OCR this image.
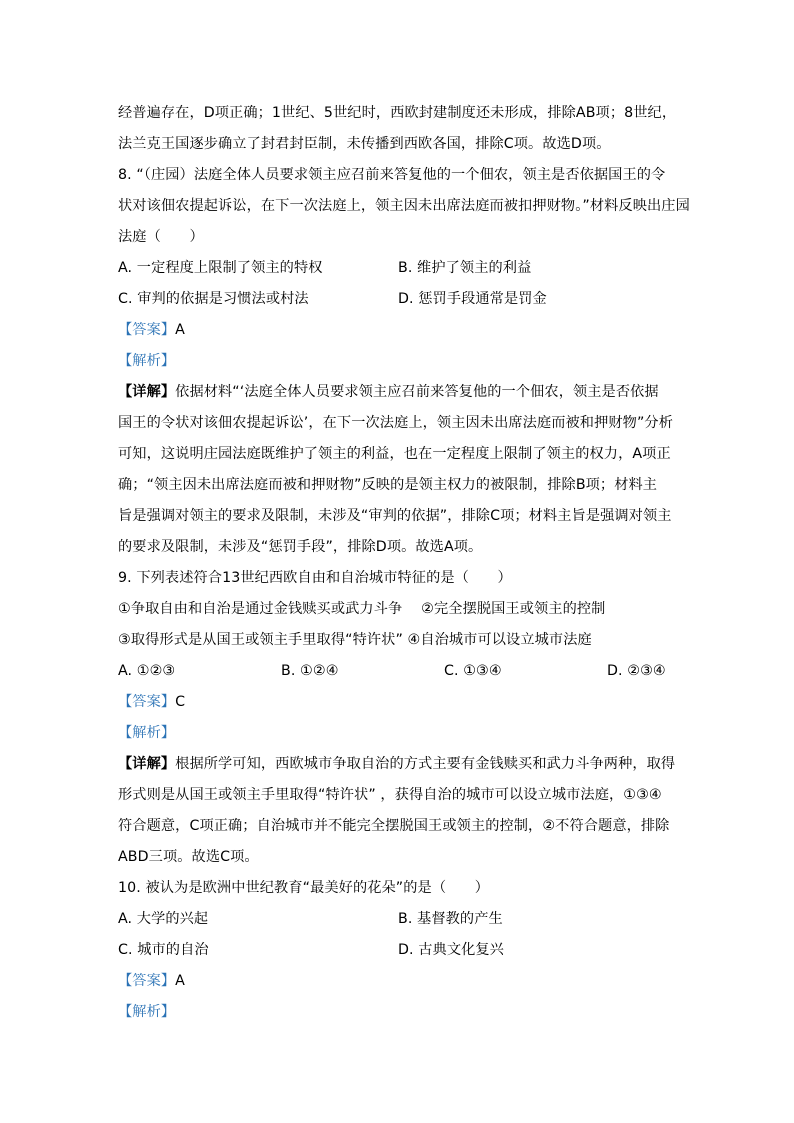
经普遍存在，D项正确；1世纪、5世纪时，西欧封建制度还未形成，排除AB项；8世纪，
法兰克王国逐步确立了封君封臣制，未传播到西欧各国，排除C项。故选D项。
8. “（庄园）法庭全体人员要求领主应召前来答复他的一个佃农，领主是否依据国王的令
状对该佃农提起诉讼，在下一次法庭上，领主因未出席法庭而被扣押财物。”材料反映出庄园
法庭（　　）
A. 一定程度上限制了领主的特权	B. 维护了领主的利益
C. 审判的依据是习惯法或村法	D. 惩罚手段通常是罚金
【答案】A
【解析】
【详解】依据材料“‘法庭全体人员要求领主应召前来答复他的一个佃农，领主是否依据
国王的令状对该佃农提起诉讼’，在下一次法庭上，领主因未出席法庭而被和押财物”分析
可知，这说明庄园法庭既维护了领主的利益，也在一定程度上限制了领主的权力，A项正
确；“领主因未出席法庭而被和押财物”反映的是领主权力的被限制，排除B项；材料主
旨是强调对领主的要求及限制，未涉及“审判的依据”，排除C项；材料主旨是强调对领主
的要求及限制，未涉及“惩罚手段”，排除D项。故选A项。
9. 下列表述符合13世纪西欧自由和自治城市特征的是（　　）
①争取自由和自治是通过金钱赎买或武力斗争　 ②完全摆脱国王或领主的控制
③取得形式是从国王或领主手里取得“特许状” ④自治城市可以设立城市法庭
A. ①②③	B. ①②④	C. ①③④	D. ②③④
【答案】C
【解析】
【详解】根据所学可知，西欧城市争取自治的方式主要有金钱赎买和武力斗争两种，取得
形式则是从国王或领主手里取得“特许状” ，获得自治的城市可以设立城市法庭，①③④
符合题意，C项正确；自治城市并不能完全摆脱国王或领主的控制，②不符合题意，排除
ABD三项。故选C项。
10. 被认为是欧洲中世纪教育“最美好的花朵”的是（　　）
A. 大学的兴起	B. 基督教的产生
C. 城市的自治	D. 古典文化复兴
【答案】A
【解析】
